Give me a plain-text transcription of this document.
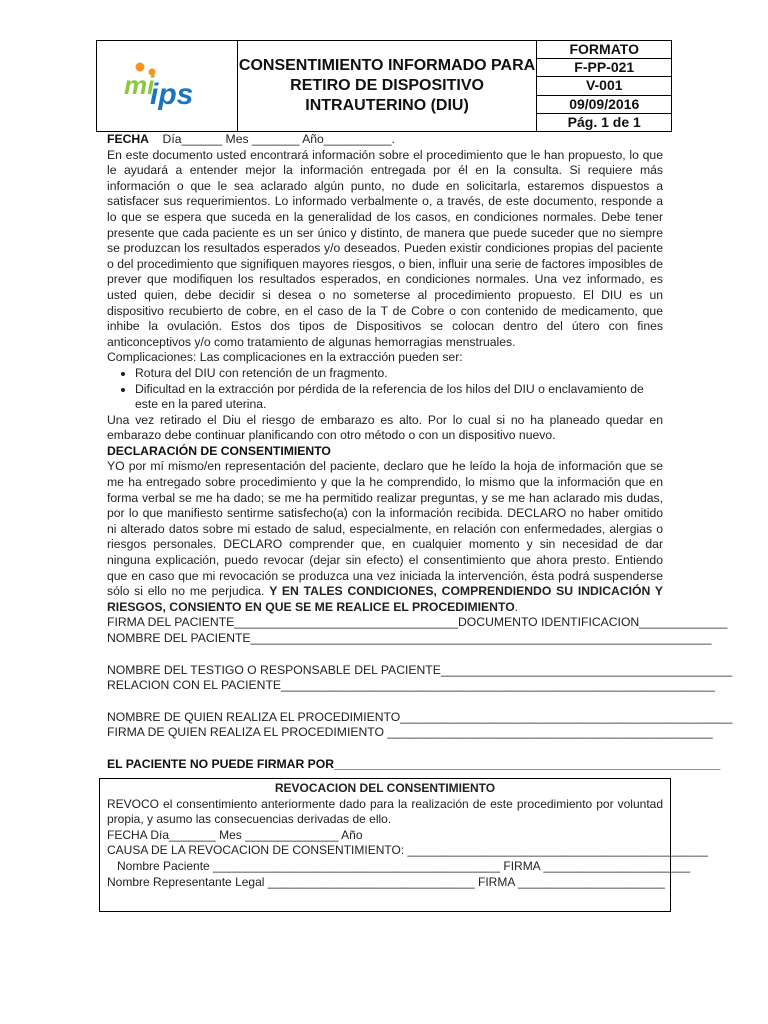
mi
ips
	CONSENTIMIENTO INFORMADO PARA RETIRO DE DISPOSITIVO INTRAUTERINO (DIU)	FORMATO
F-PP-021
V-001
09/09/2016
Pág. 1 de 1

FECHA Día______ Mes _______ Año__________.

En este documento usted encontrará información sobre el procedimiento que le han propuesto, lo que le ayudará a entender mejor la información entregada por él en la consulta. Si requiere más información o que le sea aclarado algún punto, no dude en solicitarla, estaremos dispuestos a satisfacer sus requerimientos. Lo informado verbalmente o, a través, de este documento, responde a lo que se espera que suceda en la generalidad de los casos, en condiciones normales. Debe tener presente que cada paciente es un ser único y distinto, de manera que puede suceder que no siempre se produzcan los resultados esperados y/o deseados. Pueden existir condiciones propias del paciente o del procedimiento que signifiquen mayores riesgos, o bien, influir una serie de factores imposibles de prever que modifiquen los resultados esperados, en condiciones normales. Una vez informado, es usted quien, debe decidir si desea o no someterse al procedimiento propuesto. El DIU es un dispositivo recubierto de cobre, en el caso de la T de Cobre o con contenido de medicamento, que inhibe la ovulación. Estos dos tipos de Dispositivos se colocan dentro del útero con fines anticonceptivos y/o como tratamiento de algunas hemorragias menstruales.

Complicaciones: Las complicaciones en la extracción pueden ser:

• Rotura del DIU con retención de un fragmento.
• Dificultad en la extracción por pérdida de la referencia de los hilos del DIU o enclavamiento de este en la pared uterina.

Una vez retirado el Diu el riesgo de embarazo es alto. Por lo cual si no ha planeado quedar en embarazo debe continuar planificando con otro método o con un dispositivo nuevo.

DECLARACIÓN DE CONSENTIMIENTO

YO por mí mismo/en representación del paciente, declaro que he leído la hoja de información que se me ha entregado sobre procedimiento y que la he comprendido, lo mismo que la información que en forma verbal se me ha dado; se me ha permitido realizar preguntas, y se me han aclarado mis dudas, por lo que manifiesto sentirme satisfecho(a) con la información recibida. DECLARO no haber omitido ni alterado datos sobre mi estado de salud, especialmente, en relación con enfermedades, alergias o riesgos personales. DECLARO comprender que, en cualquier momento y sin necesidad de dar ninguna explicación, puedo revocar (dejar sin efecto) el consentimiento que ahora presto. Entiendo que en caso que mi revocación se produzca una vez iniciada la intervención, ésta podrá suspenderse sólo si ello no me perjudica. Y EN TALES CONDICIONES, COMPRENDIENDO SU INDICACIÓN Y RIESGOS, CONSIENTO EN QUE SE ME REALICE EL PROCEDIMIENTO.

FIRMA DEL PACIENTE_________________________________DOCUMENTO IDENTIFICACION_____________

NOMBRE DEL PACIENTE____________________________________________________________________

NOMBRE DEL TESTIGO O RESPONSABLE DEL PACIENTE___________________________________________

RELACION CON EL PACIENTE________________________________________________________________

NOMBRE DE QUIEN REALIZA EL PROCEDIMIENTO_________________________________________________

FIRMA DE QUIEN REALIZA EL PROCEDIMIENTO ________________________________________________

EL PACIENTE NO PUEDE FIRMAR POR_________________________________________________________

REVOCACION DEL CONSENTIMIENTO

REVOCO el consentimiento anteriormente dado para la realización de este procedimiento por voluntad propia, y asumo las consecuencias derivadas de ello.

FECHA Día_______ Mes ______________ Año

CAUSA DE LA REVOCACION DE CONSENTIMIENTO: _____________________________________________

Nombre Paciente ___________________________________________ FIRMA ______________________

Nombre Representante Legal _______________________________ FIRMA ______________________
